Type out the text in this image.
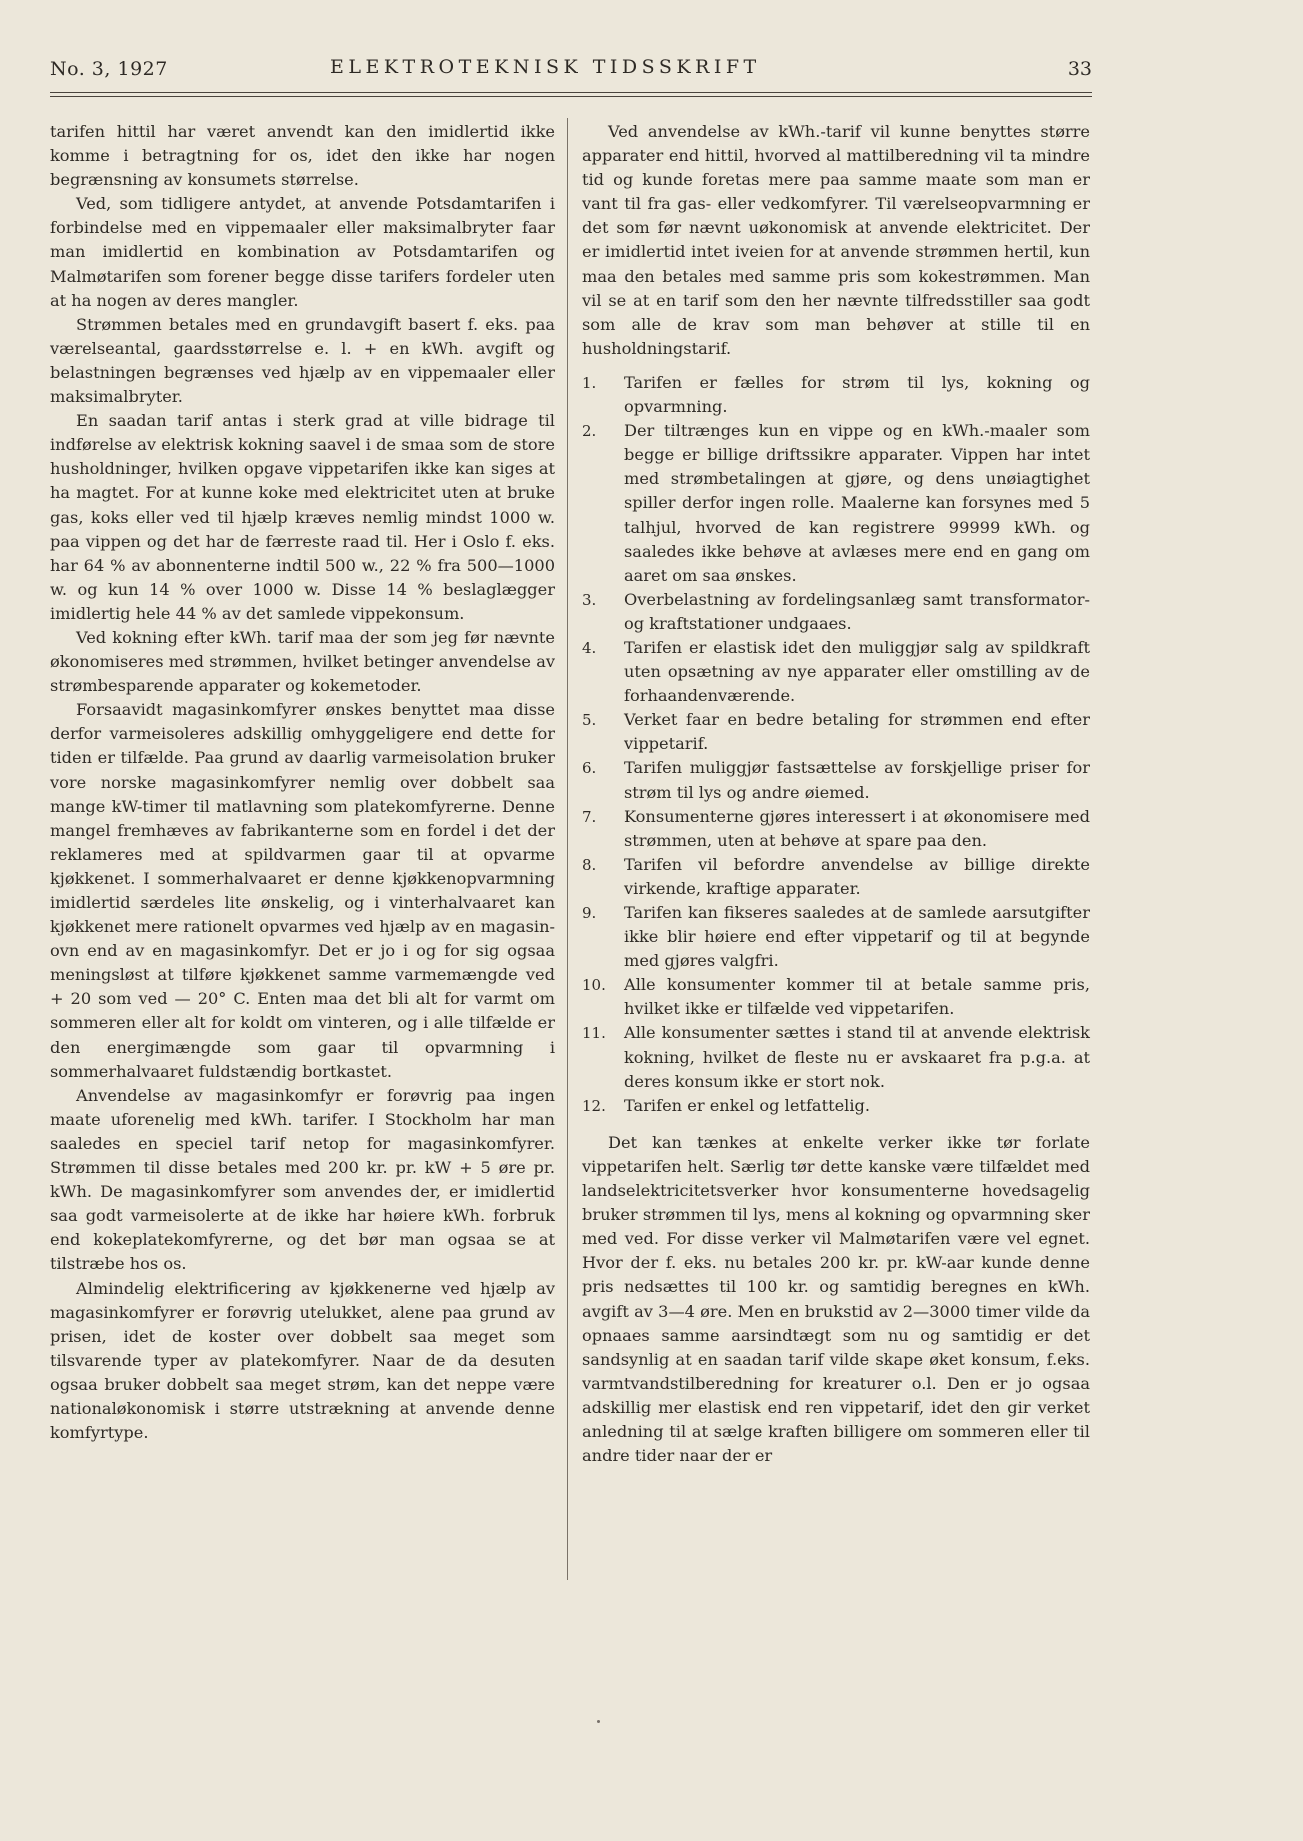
No. 3, 1927	ELEKTROTEKNISK TIDSSKRIFT	33

tarifen hittil har været anvendt kan den imidlertid ikke komme i betragtning for os, idet den ikke har nogen begrænsning av konsumets størrelse.

Ved, som tidligere antydet, at anvende Potsdamtarifen i forbindelse med en vippemaaler eller maksimalbryter faar man imidlertid en kombination av Potsdamtarifen og Malmøtarifen som forener begge disse tarifers fordeler uten at ha nogen av deres mangler.

Strømmen betales med en grundavgift basert f. eks. paa værelseantal, gaardsstørrelse e. l. + en kWh. avgift og belastningen begrænses ved hjælp av en vippemaaler eller maksimalbryter.

En saadan tarif antas i sterk grad at ville bidrage til indførelse av elektrisk kokning saavel i de smaa som de store husholdninger, hvilken opgave vippetarifen ikke kan siges at ha magtet. For at kunne koke med elektricitet uten at bruke gas, koks eller ved til hjælp kræves nemlig mindst 1000 w. paa vippen og det har de færreste raad til. Her i Oslo f. eks. har 64 % av abonnenterne indtil 500 w., 22 % fra 500—1000 w. og kun 14 % over 1000 w. Disse 14 % beslaglægger imidlertig hele 44 % av det samlede vippekonsum.

Ved kokning efter kWh. tarif maa der som jeg før nævnte økonomiseres med strømmen, hvilket betinger anvendelse av strømbesparende apparater og kokemetoder.

Forsaavidt magasinkomfyrer ønskes benyttet maa disse derfor varmeisoleres adskillig omhyggeligere end dette for tiden er tilfælde. Paa grund av daarlig varmeisolation bruker vore norske magasinkomfyrer nemlig over dobbelt saa mange kW-timer til matlavning som platekomfyrerne. Denne mangel fremhæves av fabrikanterne som en fordel i det der reklameres med at spildvarmen gaar til at opvarme kjøkkenet. I sommerhalvaaret er denne kjøkkenopvarmning imidlertid særdeles lite ønskelig, og i vinterhalvaaret kan kjøkkenet mere rationelt opvarmes ved hjælp av en magasinovn end av en magasinkomfyr. Det er jo i og for sig ogsaa meningsløst at tilføre kjøkkenet samme varmemængde ved + 20 som ved — 20° C. Enten maa det bli alt for varmt om sommeren eller alt for koldt om vinteren, og i alle tilfælde er den energimængde som gaar til opvarmning i sommerhalvaaret fuldstændig bortkastet.

Anvendelse av magasinkomfyr er forøvrig paa ingen maate uforenelig med kWh. tarifer. I Stockholm har man saaledes en speciel tarif netop for magasinkomfyrer. Strømmen til disse betales med 200 kr. pr. kW + 5 øre pr. kWh. De magasinkomfyrer som anvendes der, er imidlertid saa godt varmeisolerte at de ikke har høiere kWh. forbruk end kokeplatekomfyrerne, og det bør man ogsaa se at tilstræbe hos os.

Almindelig elektrificering av kjøkkenerne ved hjælp av magasinkomfyrer er forøvrig utelukket, alene paa grund av prisen, idet de koster over dobbelt saa meget som tilsvarende typer av platekomfyrer. Naar de da desuten ogsaa bruker dobbelt saa meget strøm, kan det neppe være nationaløkonomisk i større utstrækning at anvende denne komfyrtype.

Ved anvendelse av kWh.-tarif vil kunne benyttes større apparater end hittil, hvorved al mattilberedning vil ta mindre tid og kunde foretas mere paa samme maate som man er vant til fra gas- eller vedkomfyrer. Til værelseopvarmning er det som før nævnt uøkonomisk at anvende elektricitet. Der er imidlertid intet iveien for at anvende strømmen hertil, kun maa den betales med samme pris som kokestrømmen. Man vil se at en tarif som den her nævnte tilfredsstiller saa godt som alle de krav som man behøver at stille til en husholdningstarif.

1.	Tarifen er fælles for strøm til lys, kokning og opvarmning.
2.	Der tiltrænges kun en vippe og en kWh.-maaler som begge er billige driftssikre apparater. Vippen har intet med strømbetalingen at gjøre, og dens unøiagtighet spiller derfor ingen rolle. Maalerne kan forsynes med 5 talhjul, hvorved de kan registrere 99999 kWh. og saaledes ikke behøve at avlæses mere end en gang om aaret om saa ønskes.
3.	Overbelastning av fordelingsanlæg samt transformator- og kraftstationer undgaaes.
4.	Tarifen er elastisk idet den muliggjør salg av spildkraft uten opsætning av nye apparater eller omstilling av de forhaandenværende.
5.	Verket faar en bedre betaling for strømmen end efter vippetarif.
6.	Tarifen muliggjør fastsættelse av forskjellige priser for strøm til lys og andre øiemed.
7.	Konsumenterne gjøres interessert i at økonomisere med strømmen, uten at behøve at spare paa den.
8.	Tarifen vil befordre anvendelse av billige direkte virkende, kraftige apparater.
9.	Tarifen kan fikseres saaledes at de samlede aarsutgifter ikke blir høiere end efter vippetarif og til at begynde med gjøres valgfri.
10.	Alle konsumenter kommer til at betale samme pris, hvilket ikke er tilfælde ved vippetarifen.
11.	Alle konsumenter sættes i stand til at anvende elektrisk kokning, hvilket de fleste nu er avskaaret fra p.g.a. at deres konsum ikke er stort nok.
12.	Tarifen er enkel og letfattelig.

Det kan tænkes at enkelte verker ikke tør forlate vippetarifen helt. Særlig tør dette kanske være tilfældet med landselektricitetsverker hvor konsumenterne hovedsagelig bruker strømmen til lys, mens al kokning og opvarmning sker med ved. For disse verker vil Malmøtarifen være vel egnet. Hvor der f. eks. nu betales 200 kr. pr. kW-aar kunde denne pris nedsættes til 100 kr. og samtidig beregnes en kWh. avgift av 3—4 øre. Men en brukstid av 2—3000 timer vilde da opnaaes samme aarsindtægt som nu og samtidig er det sandsynlig at en saadan tarif vilde skape øket konsum, f.eks. varmtvandstilberedning for kreaturer o.l. Den er jo ogsaa adskillig mer elastisk end ren vippetarif, idet den gir verket anledning til at sælge kraften billigere om sommeren eller til andre tider naar der er
